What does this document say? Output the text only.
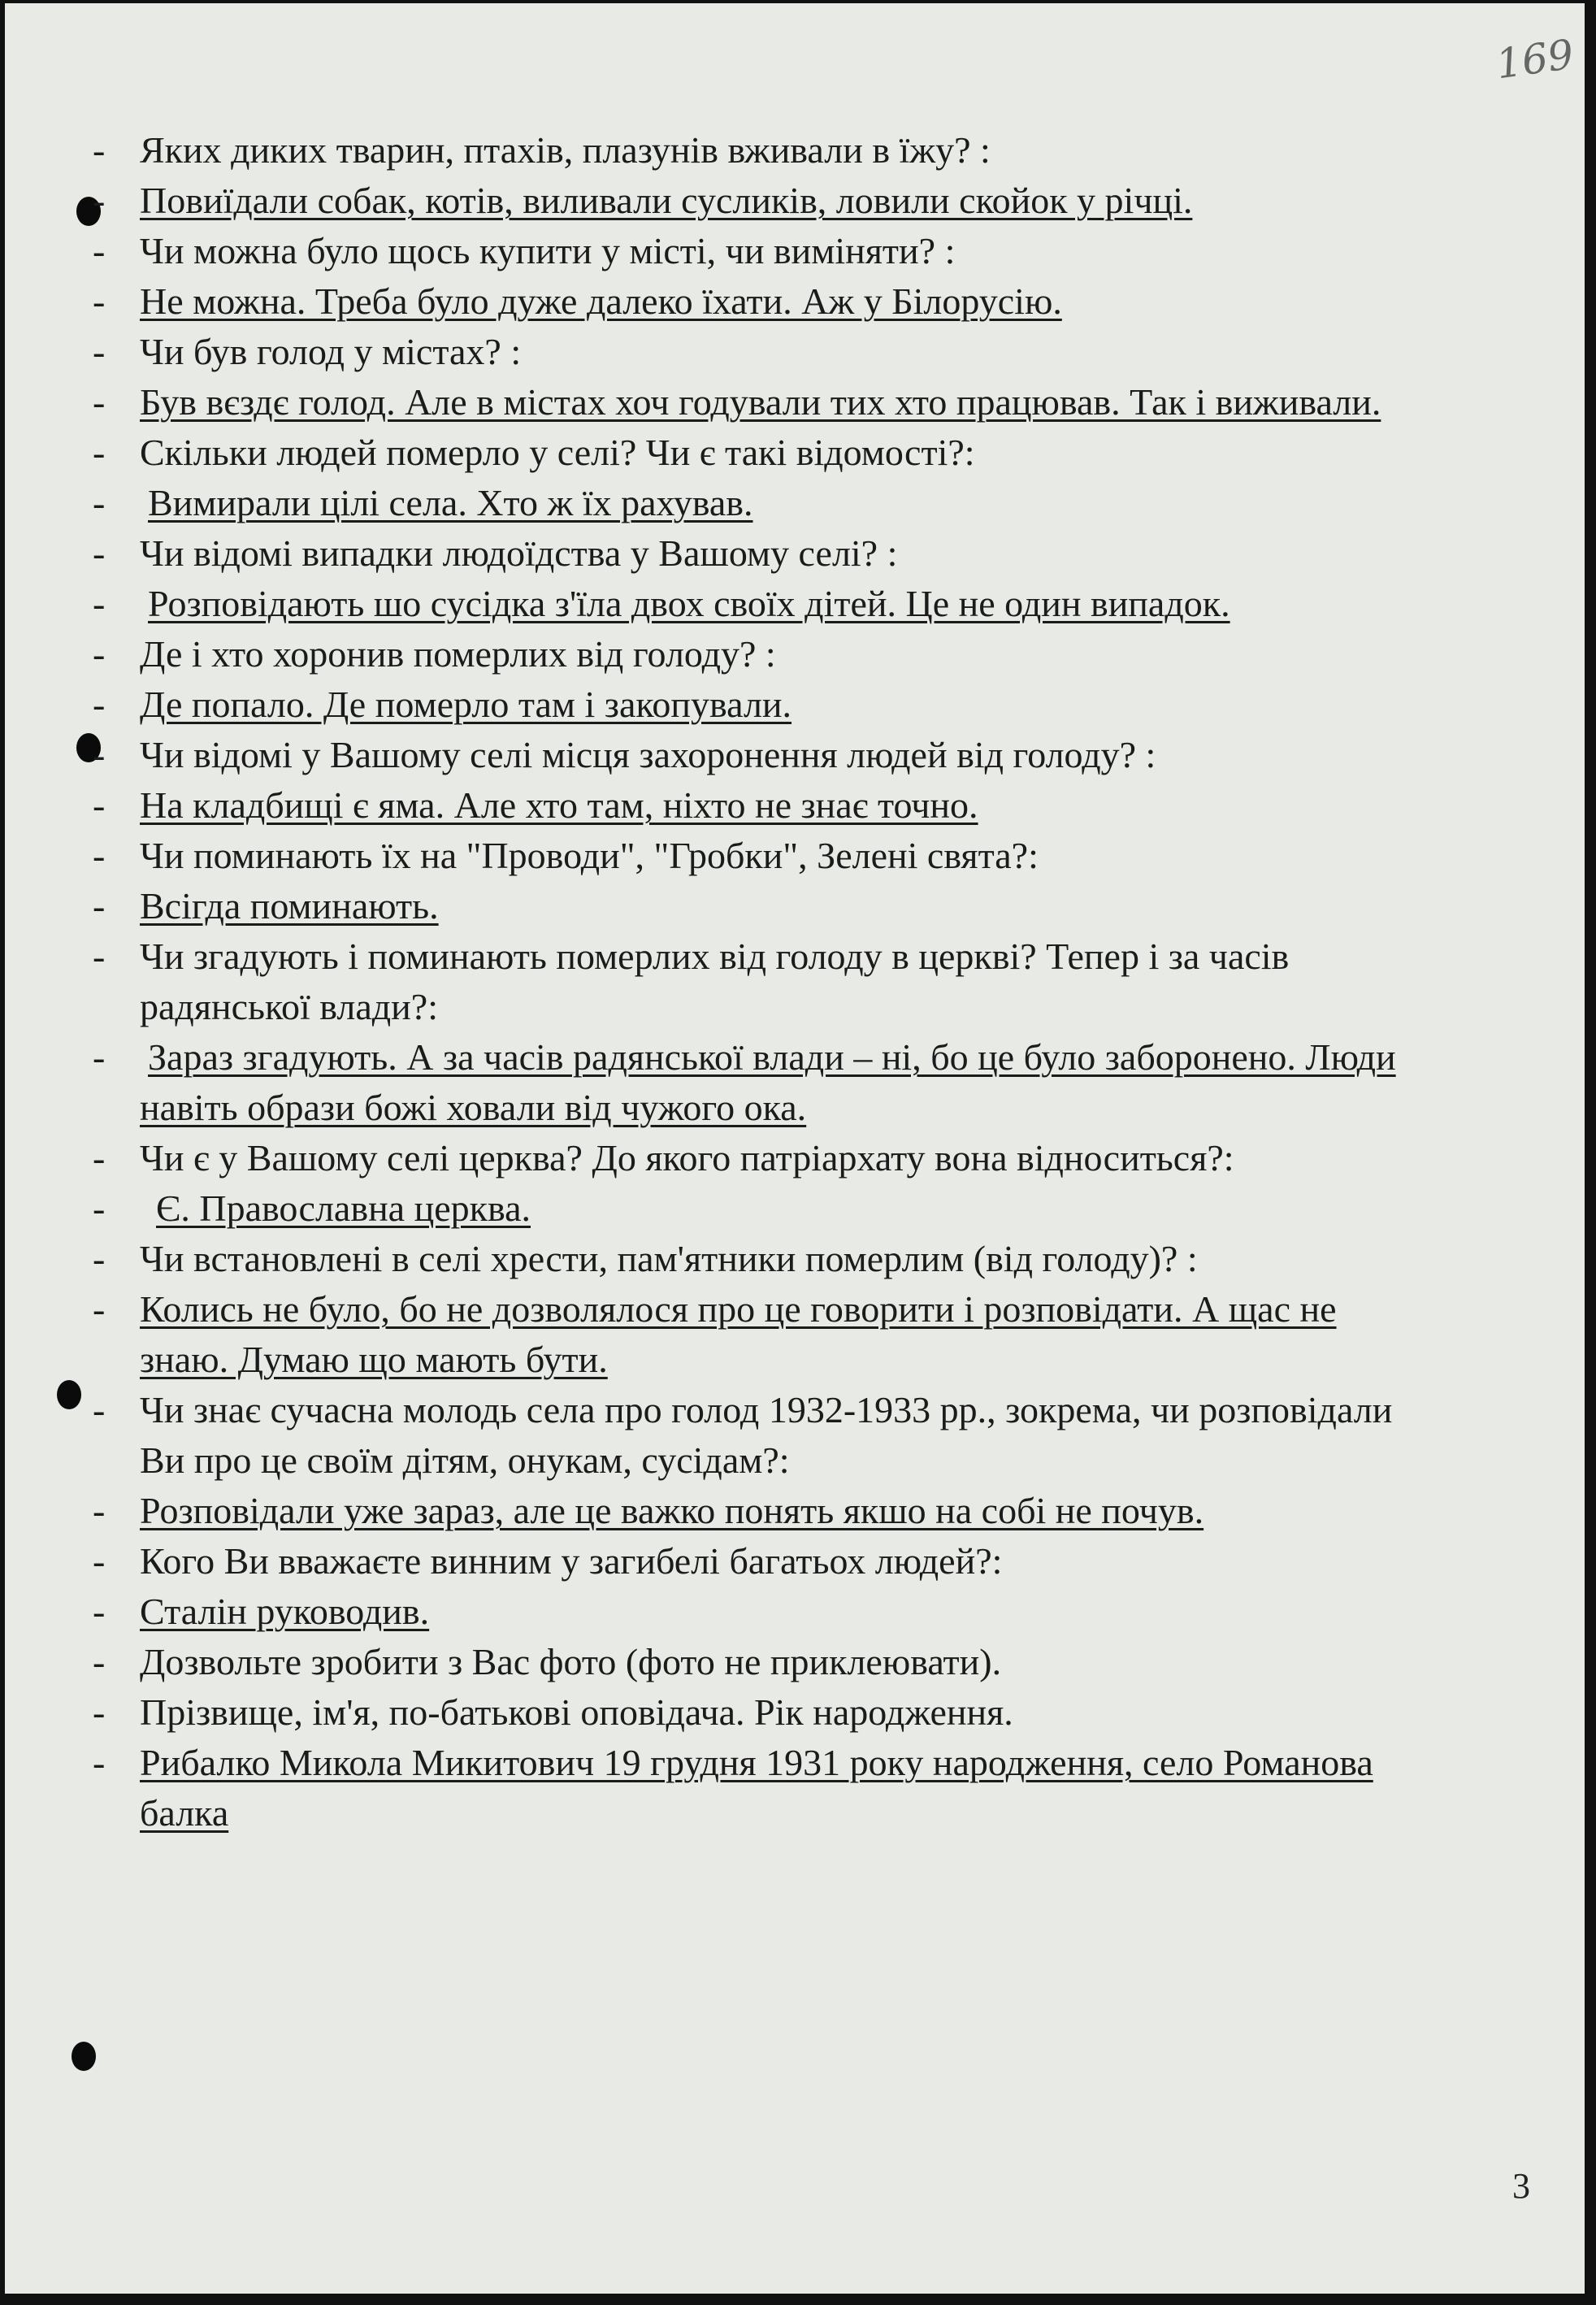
169
- Яких диких тварин, птахів, плазунів вживали в їжу? :
- Повиїдали собак, котів, виливали сусликів, ловили скойок у річці.
- Чи можна було щось купити у місті, чи виміняти? :
- Не можна. Треба було дуже далеко їхати. Аж у Білорусію.
- Чи був голод у містах? :
- Був вєздє голод. Але в містах хоч годували тих хто працював. Так і виживали.
- Скільки людей померло у селі? Чи є такі відомості?:
- Вимирали цілі села. Хто ж їх рахував.
- Чи відомі випадки людоїдства у Вашому селі? :
- Розповідають шо сусідка з'їла двох своїх дітей. Це не один випадок.
- Де і хто хоронив померлих від голоду? :
- Де попало. Де померло там і закопували.
- Чи відомі у Вашому селі місця захоронення людей від голоду? :
- На кладбищі є яма. Але хто там, ніхто не знає точно.
- Чи поминають їх на "Проводи", "Гробки", Зелені свята?:
- Всігда поминають.
- Чи згадують і поминають померлих від голоду в церкві? Тепер і за часів
радянської влади?:
- Зараз згадують. А за часів радянської влади – ні, бо це було заборонено. Люди
навіть образи божі ховали від чужого ока.
- Чи є у Вашому селі церква? До якого патріархату вона відноситься?:
- Є. Православна церква.
- Чи встановлені в селі хрести, пам'ятники померлим (від голоду)? :
- Колись не було, бо не дозволялося про це говорити і розповідати. А щас не
знаю. Думаю що мають бути.
- Чи знає сучасна молодь села про голод 1932-1933 рр., зокрема, чи розповідали
Ви про це своїм дітям, онукам, сусідам?:
- Розповідали уже зараз, але це важко понять якшо на собі не почув.
- Кого Ви вважаєте винним у загибелі багатьох людей?:
- Сталін руководив.
- Дозвольте зробити з Вас фото (фото не приклеювати).
- Прізвище, ім'я, по-батькові оповідача. Рік народження.
- Рибалко Микола Микитович 19 грудня 1931 року народження, село Романова
балка
3
